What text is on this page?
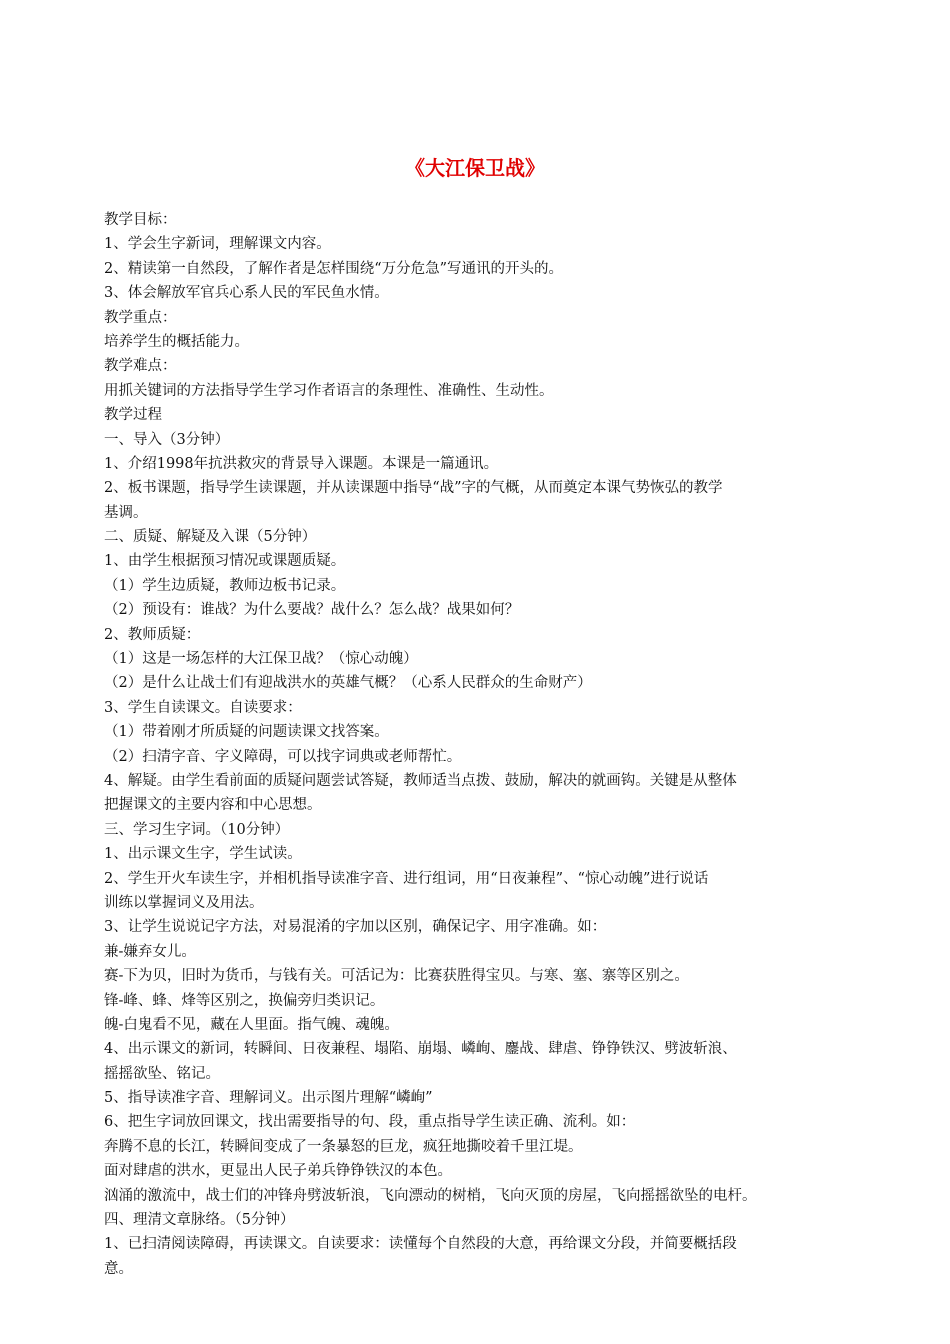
《大江保卫战》
教学目标：
1、学会生字新词，理解课文内容。
2、精读第一自然段，了解作者是怎样围绕“万分危急”写通讯的开头的。
3、体会解放军官兵心系人民的军民鱼水情。
教学重点：
培养学生的概括能力。
教学难点：
用抓关键词的方法指导学生学习作者语言的条理性、准确性、生动性。
教学过程
一、导入（3分钟）
1、介绍1998年抗洪救灾的背景导入课题。本课是一篇通讯。
2、板书课题，指导学生读课题，并从读课题中指导“战”字的气概，从而奠定本课气势恢弘的教学
基调。
二、质疑、解疑及入课（5分钟）
1、由学生根据预习情况或课题质疑。
（1）学生边质疑，教师边板书记录。
（2）预设有：谁战？为什么要战？战什么？怎么战？战果如何？
2、教师质疑：
（1）这是一场怎样的大江保卫战？（惊心动魄）
（2）是什么让战士们有迎战洪水的英雄气概？（心系人民群众的生命财产）
3、学生自读课文。自读要求：
（1）带着刚才所质疑的问题读课文找答案。
（2）扫清字音、字义障碍，可以找字词典或老师帮忙。
4、解疑。由学生看前面的质疑问题尝试答疑，教师适当点拨、鼓励，解决的就画钩。关键是从整体
把握课文的主要内容和中心思想。
三、学习生字词。（10分钟）
1、出示课文生字，学生试读。
2、学生开火车读生字，并相机指导读准字音、进行组词，用“日夜兼程”、“惊心动魄”进行说话
训练以掌握词义及用法。
3、让学生说说记字方法，对易混淆的字加以区别，确保记字、用字准确。如：
兼-嫌弃女儿。
赛-下为贝，旧时为货币，与钱有关。可活记为：比赛获胜得宝贝。与寒、塞、寨等区别之。
锋-峰、蜂、烽等区别之，换偏旁归类识记。
魄-白鬼看不见，藏在人里面。指气魄、魂魄。
4、出示课文的新词，转瞬间、日夜兼程、塌陷、崩塌、嶙峋、鏖战、肆虐、铮铮铁汉、劈波斩浪、
摇摇欲坠、铭记。
5、指导读准字音、理解词义。出示图片理解“嶙峋”
6、把生字词放回课文，找出需要指导的句、段，重点指导学生读正确、流利。如：
奔腾不息的长江，转瞬间变成了一条暴怒的巨龙，疯狂地撕咬着千里江堤。
面对肆虐的洪水，更显出人民子弟兵铮铮铁汉的本色。
汹涌的激流中，战士们的冲锋舟劈波斩浪，飞向漂动的树梢，飞向灭顶的房屋，飞向摇摇欲坠的电杆。
四、理清文章脉络。（5分钟）
1、已扫清阅读障碍，再读课文。自读要求：读懂每个自然段的大意，再给课文分段，并简要概括段
意。
